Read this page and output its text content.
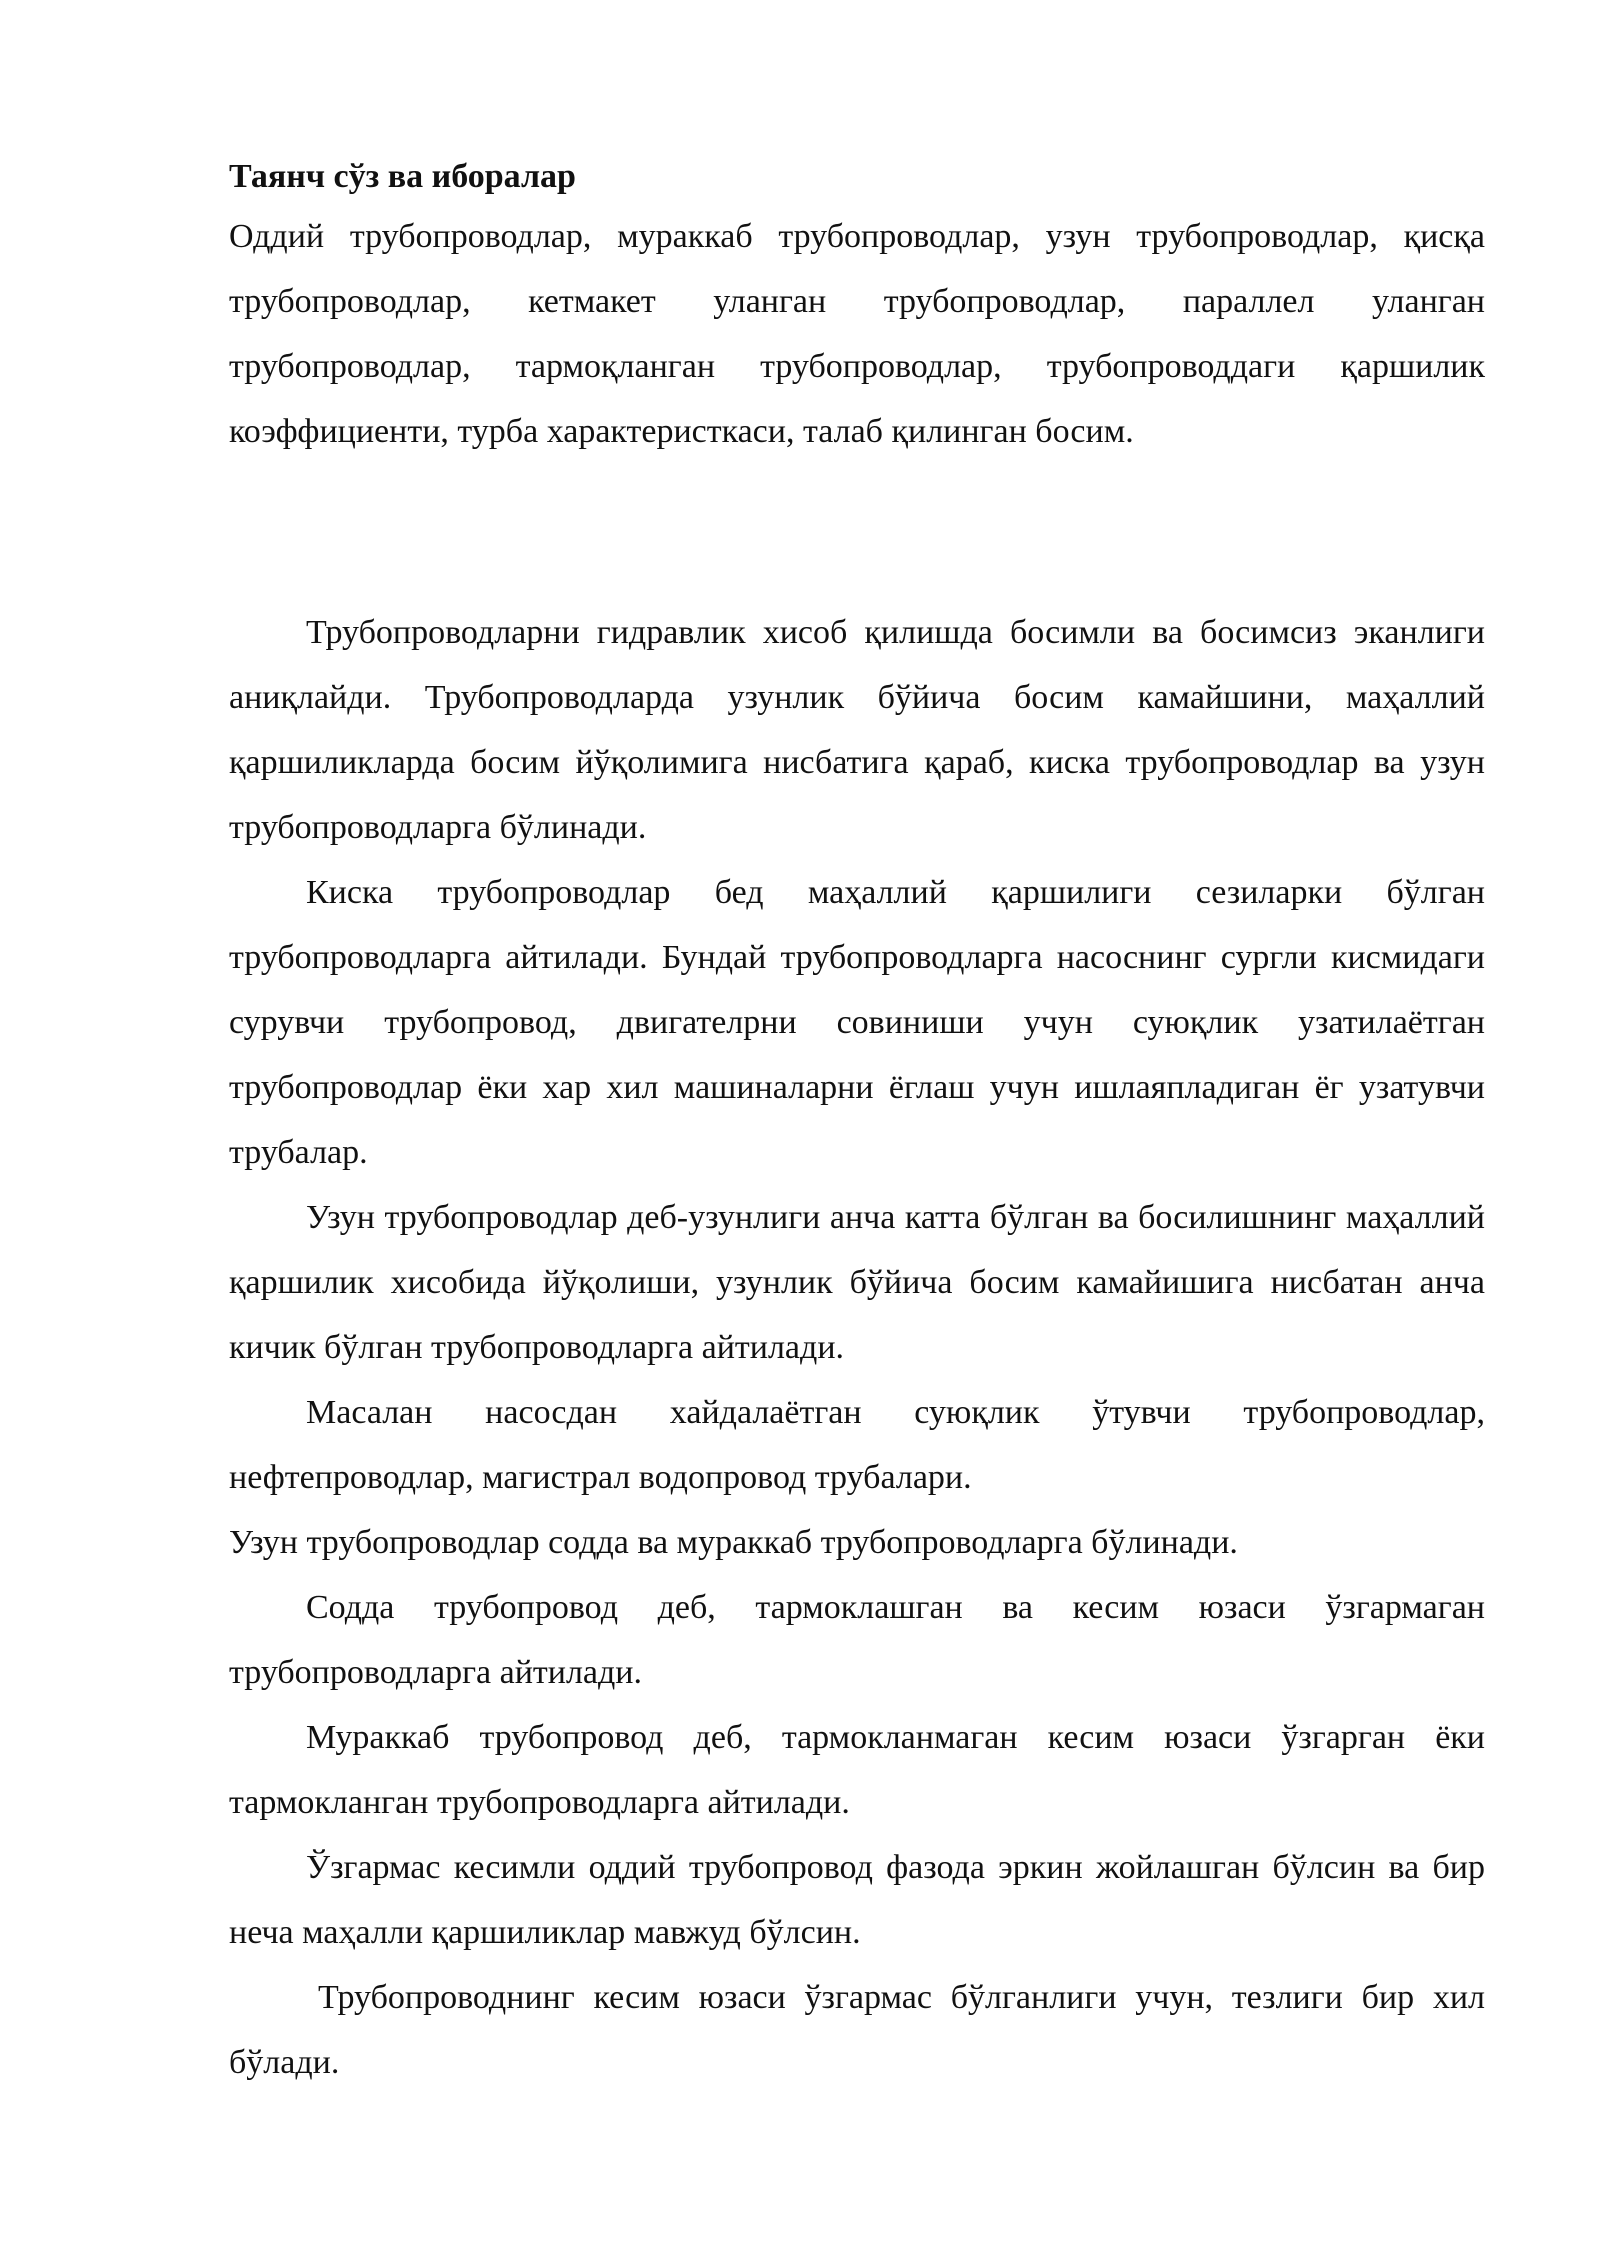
Таянч сўз ва иборалар

Оддий трубопроводлар, мураккаб трубопроводлар, узун трубопроводлар, қисқа трубопроводлар, кетмакет уланган трубопроводлар, параллел уланган трубопроводлар, тармоқланган трубопроводлар, трубопроводдаги қаршилик коэффициенти, турба характеристкаси, талаб қилинган босим.

Трубопроводларни гидравлик хисоб қилишда босимли ва босимсиз эканлиги аниқлайди. Трубопроводларда узунлик бўйича босим камайшини, маҳаллий қаршиликларда босим йўқолимига нисбатига қараб, киска трубопроводлар ва узун трубопроводларга бўлинади.

Киска трубопроводлар бед маҳаллий қаршилиги сезиларки бўлган трубопроводларга айтилади. Бундай трубопроводларга насоснинг сургли кисмидаги сурувчи трубопровод, двигателрни совиниши учун суюқлик узатилаётган трубопроводлар ёки хар хил машиналарни ёглаш учун ишлаяпладиган ёг узатувчи трубалар.

Узун трубопроводлар деб-узунлиги анча катта бўлган ва босилишнинг маҳаллий қаршилик хисобида йўқолиши, узунлик бўйича босим камайишига нисбатан анча кичик бўлган трубопроводларга айтилади.

Масалан насосдан хайдалаётган суюқлик ўтувчи трубопроводлар, нефтепроводлар, магистрал водопровод трубалари.

Узун трубопроводлар содда ва мураккаб трубопроводларга бўлинади.

Содда трубопровод деб, тармоклашган ва кесим юзаси ўзгармаган трубопроводларга айтилади.

Мураккаб трубопровод деб, тармокланмаган кесим юзаси ўзгарган ёки тармокланган трубопроводларга айтилади.

Ўзгармас кесимли оддий трубопровод фазода эркин жойлашган бўлсин ва бир неча маҳалли қаршиликлар мавжуд бўлсин.

Трубопроводнинг кесим юзаси ўзгармас бўлганлиги учун, тезлиги бир хил бўлади.
